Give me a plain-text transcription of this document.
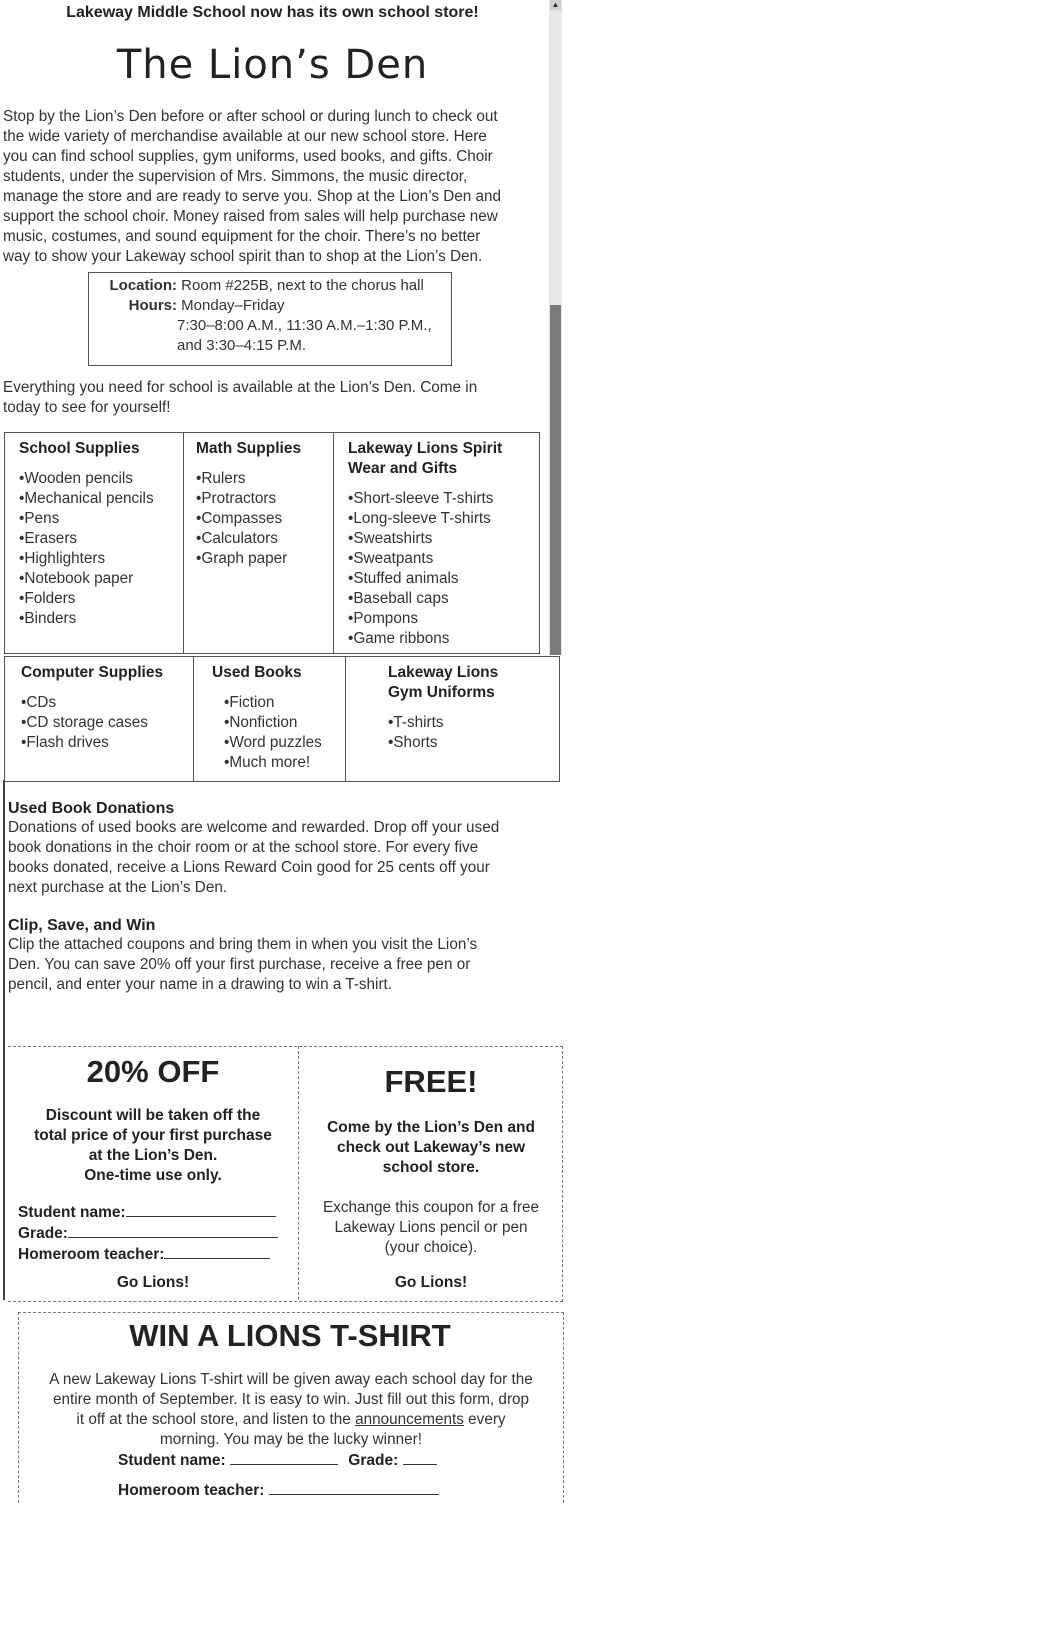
▲
Lakeway Middle School now has its own school store!
The Lion’s Den
Stop by the Lion’s Den before or after school or during lunch to check out
the wide variety of merchandise available at our new school store. Here
you can find school supplies, gym uniforms, used books, and gifts. Choir
students, under the supervision of Mrs. Simmons, the music director,
manage the store and are ready to serve you. Shop at the Lion’s Den and
support the school choir. Money raised from sales will help purchase new
music, costumes, and sound equipment for the choir. There’s no better
way to show your Lakeway school spirit than to shop at the Lion’s Den.
Location: Room #225B, next to the chorus hall
Hours: Monday–Friday
7:30–8:00 A.M., 11:30 A.M.–1:30 P.M.,
and 3:30–4:15 P.M.
Everything you need for school is available at the Lion’s Den. Come in
today to see for yourself!
School Supplies
• Wooden pencils
• Mechanical pencils
• Pens
• Erasers
• Highlighters
• Notebook paper
• Folders
• Binders
Math Supplies
• Rulers
• Protractors
• Compasses
• Calculators
• Graph paper
Lakeway Lions Spirit
Wear and Gifts
• Short-sleeve T-shirts
• Long-sleeve T-shirts
• Sweatshirts
• Sweatpants
• Stuffed animals
• Baseball caps
• Pompons
• Game ribbons
Computer Supplies
• CDs
• CD storage cases
• Flash drives
Used Books
• Fiction
• Nonfiction
• Word puzzles
• Much more!
Lakeway Lions
Gym Uniforms
• T-shirts
• Shorts
Used Book Donations
Donations of used books are welcome and rewarded. Drop off your used
book donations in the choir room or at the school store. For every five
books donated, receive a Lions Reward Coin good for 25 cents off your
next purchase at the Lion’s Den.
Clip, Save, and Win
Clip the attached coupons and bring them in when you visit the Lion’s
Den. You can save 20% off your first purchase, receive a free pen or
pencil, and enter your name in a drawing to win a T-shirt.
20% OFF
Discount will be taken off the
total price of your first purchase
at the Lion’s Den.
One-time use only.
Student name:
Grade:
Homeroom teacher:
Go Lions!
FREE!
Come by the Lion’s Den and
check out Lakeway’s new
school store.
Exchange this coupon for a free
Lakeway Lions pencil or pen
(your choice).
Go Lions!
WIN A LIONS T-SHIRT
A new Lakeway Lions T-shirt will be given away each school day for the
entire month of September. It is easy to win. Just fill out this form, drop
it off at the school store, and listen to the announcements every
morning. You may be the lucky winner!
Student name:	Grade:
Homeroom teacher:
